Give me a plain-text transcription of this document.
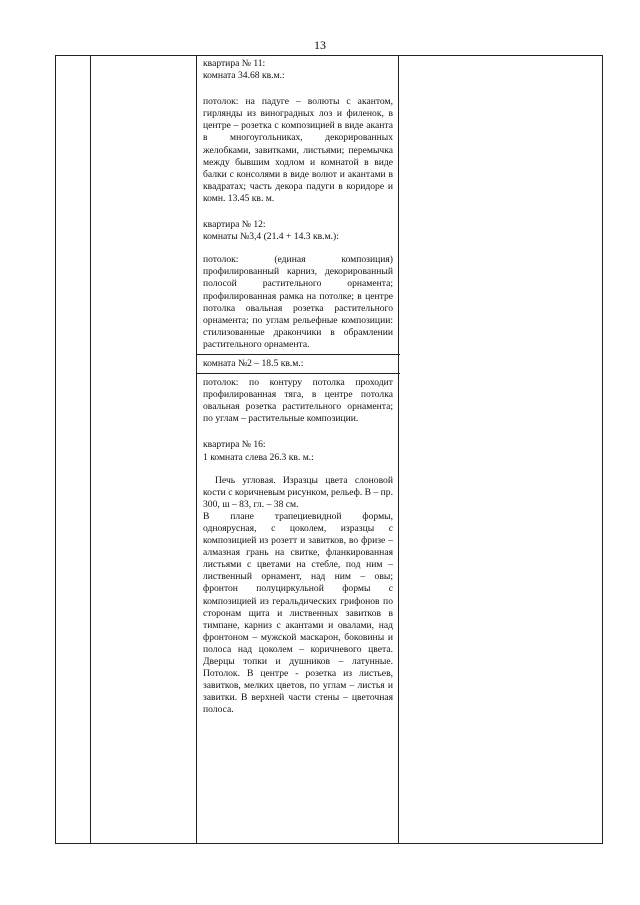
13

квартира № 11:

комната 34.68 кв.м.:

потолок: на падуге – волюты с акантом, гирлянды из виноградных лоз и филенок, в центре – розетка с композицией в виде аканта в многоугольниках, декорированных желобками, завитками, листьями; перемычка между бывшим ходлом и комнатой в виде балки с консолями в виде волют и акантами в квадратах; часть декора падуги в коридоре и комн. 13.45 кв. м.

квартира № 12:

комнаты №3,4 (21.4 + 14.3 кв.м.):

потолок: (единая композиция) профилированный карниз, декорированный полосой растительного орнамента; профилированная рамка на потолке; в центре потолка овальная розетка растительного орнамента; по углам рельефные композиции: стилизованные дракончики в обрамлении растительного орнамента.

комната №2 – 18.5 кв.м.:

потолок: по контуру потолка проходит профилированная тяга, в центре потолка овальная розетка растительного орнамента; по углам – растительные композиции.

квартира № 16:

1 комната слева 26.3 кв. м.:

Печь угловая. Изразцы цвета слоновой кости с коричневым рисунком, рельеф. В – пр. 300, ш – 83, гл. – 38 см.

В плане трапециевидной формы, одноярусная, с цоколем, изразцы с композицией из розетт и завитков, во фризе – алмазная грань на свитке, фланкированная листьями с цветами на стебле, под ним – лиственный орнамент, над ним – овы; фронтон полуциркульной формы с композицией из геральдических грифонов по сторонам щита и лиственных завитков в тимпане, карниз с акантами и овалами, над фронтоном – мужской маскарон, боковины и полоса над цоколем – коричневого цвета. Дверцы топки и душников – латунные. Потолок. В центре - розетка из листьев, завитков, мелких цветов, по углам – листья и завитки. В верхней части стены – цветочная полоса.
